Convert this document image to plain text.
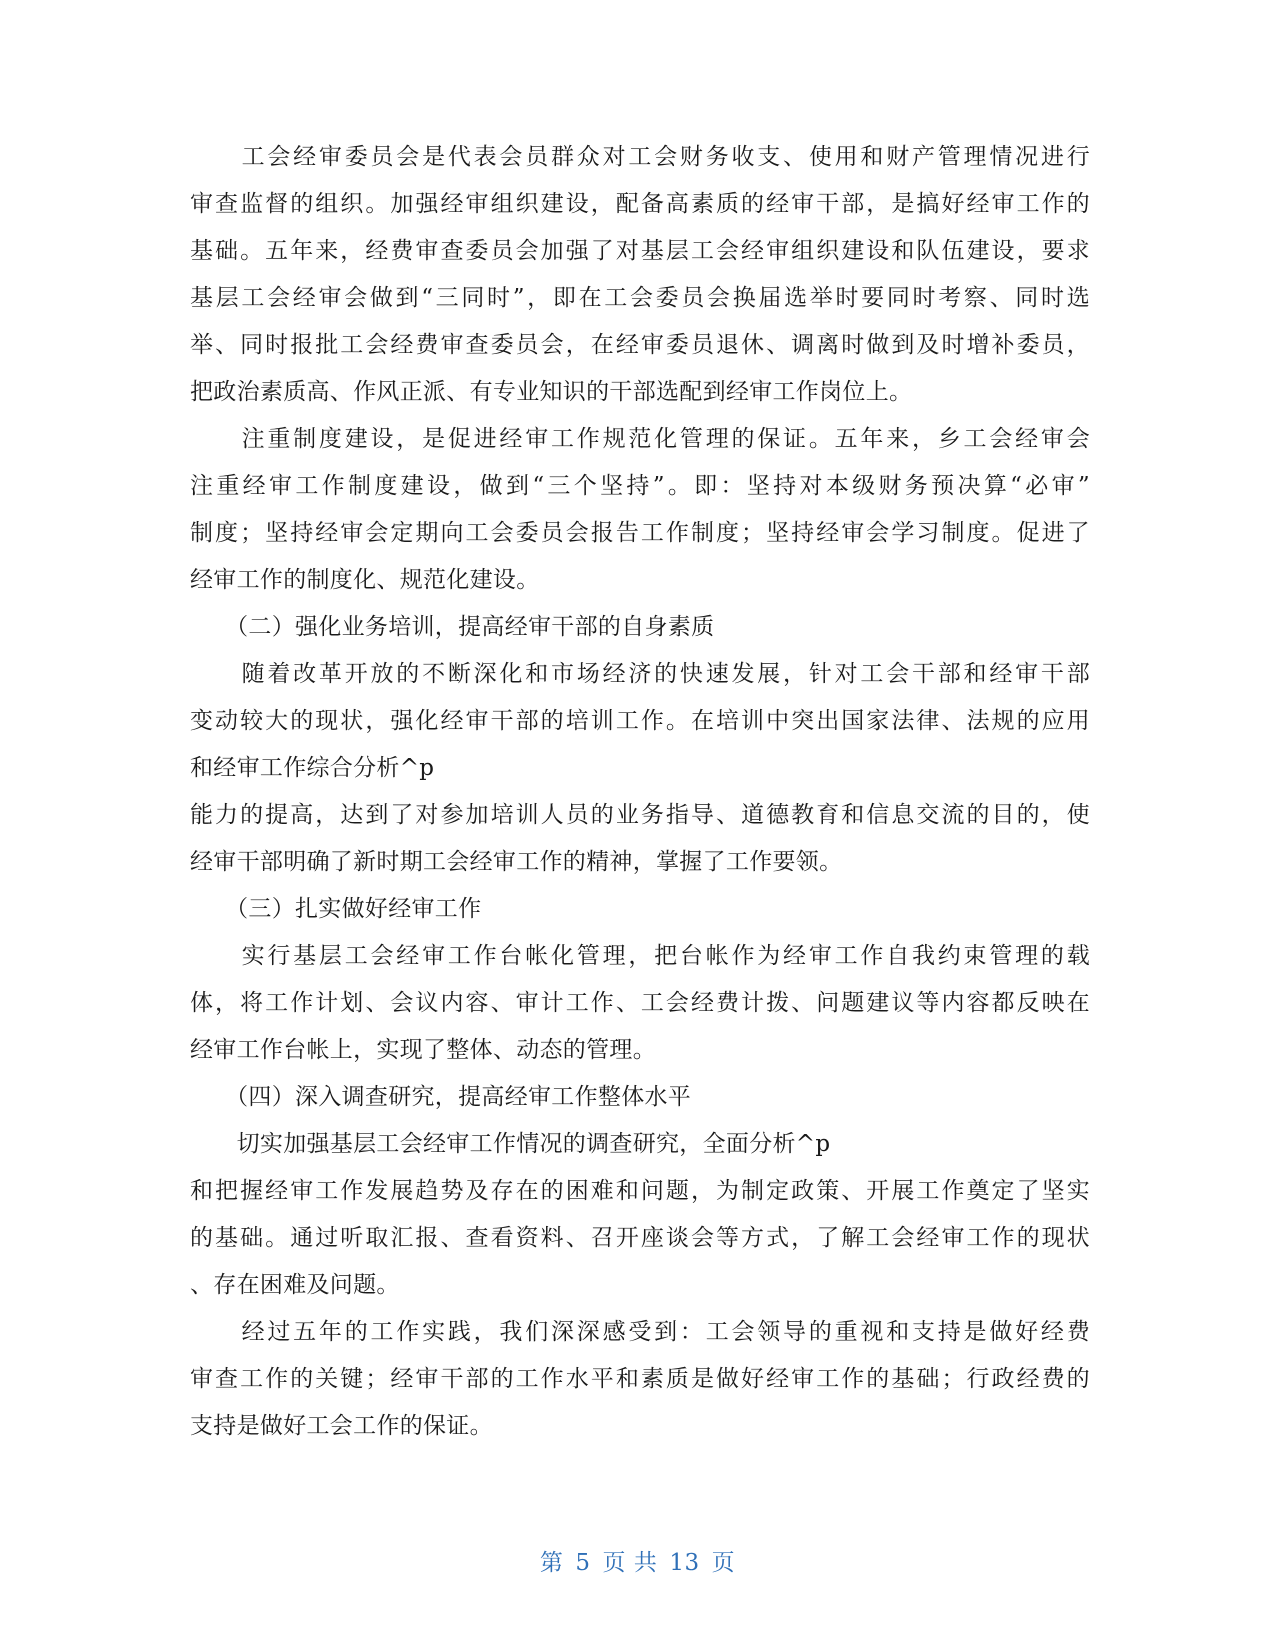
　　工会经审委员会是代表会员群众对工会财务收支、使用和财产管理情况进行
审查监督的组织。加强经审组织建设，配备高素质的经审干部，是搞好经审工作的
基础。五年来，经费审查委员会加强了对基层工会经审组织建设和队伍建设，要求
基层工会经审会做到“三同时”，即在工会委员会换届选举时要同时考察、同时选
举、同时报批工会经费审查委员会，在经审委员退休、调离时做到及时增补委员，
把政治素质高、作风正派、有专业知识的干部选配到经审工作岗位上。
　　注重制度建设，是促进经审工作规范化管理的保证。五年来，乡工会经审会
注重经审工作制度建设，做到“三个坚持”。即：坚持对本级财务预决算“必审”
制度；坚持经审会定期向工会委员会报告工作制度；坚持经审会学习制度。促进了
经审工作的制度化、规范化建设。
　　（二）强化业务培训，提高经审干部的自身素质
　　随着改革开放的不断深化和市场经济的快速发展，针对工会干部和经审干部
变动较大的现状，强化经审干部的培训工作。在培训中突出国家法律、法规的应用
和经审工作综合分析^p
能力的提高，达到了对参加培训人员的业务指导、道德教育和信息交流的目的，使
经审干部明确了新时期工会经审工作的精神，掌握了工作要领。
　　（三）扎实做好经审工作
　　实行基层工会经审工作台帐化管理，把台帐作为经审工作自我约束管理的载
体，将工作计划、会议内容、审计工作、工会经费计拨、问题建议等内容都反映在
经审工作台帐上，实现了整体、动态的管理。
　　（四）深入调查研究，提高经审工作整体水平
　　切实加强基层工会经审工作情况的调查研究，全面分析^p
和把握经审工作发展趋势及存在的困难和问题，为制定政策、开展工作奠定了坚实
的基础。通过听取汇报、查看资料、召开座谈会等方式，了解工会经审工作的现状
、存在困难及问题。
　　经过五年的工作实践，我们深深感受到：工会领导的重视和支持是做好经费
审查工作的关键；经审干部的工作水平和素质是做好经审工作的基础；行政经费的
支持是做好工会工作的保证。
第 5 页 共 13 页
